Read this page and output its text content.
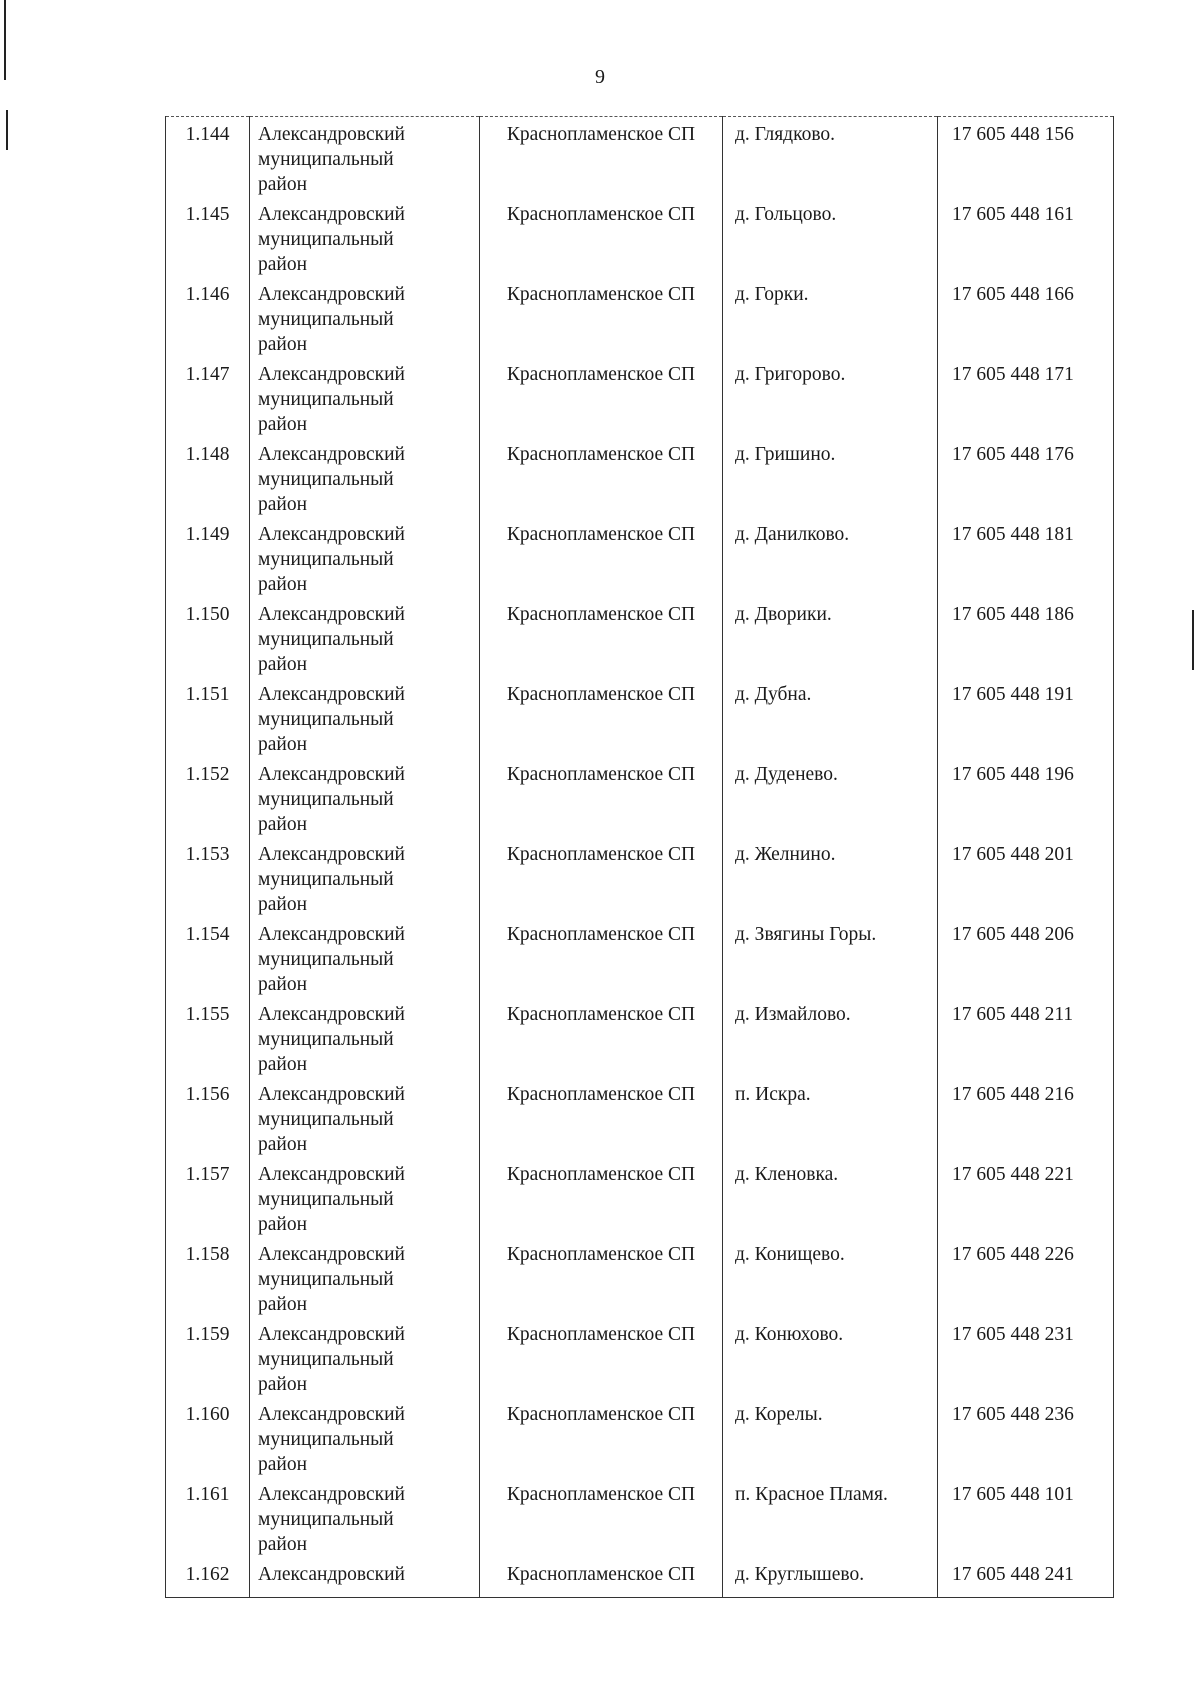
9
1.144	Александровский муниципальный район	Краснопламенское СП	д. Глядково.	17 605 448 156
1.145	Александровский муниципальный район	Краснопламенское СП	д. Гольцово.	17 605 448 161
1.146	Александровский муниципальный район	Краснопламенское СП	д. Горки.	17 605 448 166
1.147	Александровский муниципальный район	Краснопламенское СП	д. Григорово.	17 605 448 171
1.148	Александровский муниципальный район	Краснопламенское СП	д. Гришино.	17 605 448 176
1.149	Александровский муниципальный район	Краснопламенское СП	д. Данилково.	17 605 448 181
1.150	Александровский муниципальный район	Краснопламенское СП	д. Дворики.	17 605 448 186
1.151	Александровский муниципальный район	Краснопламенское СП	д. Дубна.	17 605 448 191
1.152	Александровский муниципальный район	Краснопламенское СП	д. Дуденево.	17 605 448 196
1.153	Александровский муниципальный район	Краснопламенское СП	д. Желнино.	17 605 448 201
1.154	Александровский муниципальный район	Краснопламенское СП	д. Звягины Горы.	17 605 448 206
1.155	Александровский муниципальный район	Краснопламенское СП	д. Измайлово.	17 605 448 211
1.156	Александровский муниципальный район	Краснопламенское СП	п. Искра.	17 605 448 216
1.157	Александровский муниципальный район	Краснопламенское СП	д. Кленовка.	17 605 448 221
1.158	Александровский муниципальный район	Краснопламенское СП	д. Конищево.	17 605 448 226
1.159	Александровский муниципальный район	Краснопламенское СП	д. Конюхово.	17 605 448 231
1.160	Александровский муниципальный район	Краснопламенское СП	д. Корелы.	17 605 448 236
1.161	Александровский муниципальный район	Краснопламенское СП	п. Красное Пламя.	17 605 448 101
1.162	Александровский	Краснопламенское СП	д. Круглышево.	17 605 448 241
